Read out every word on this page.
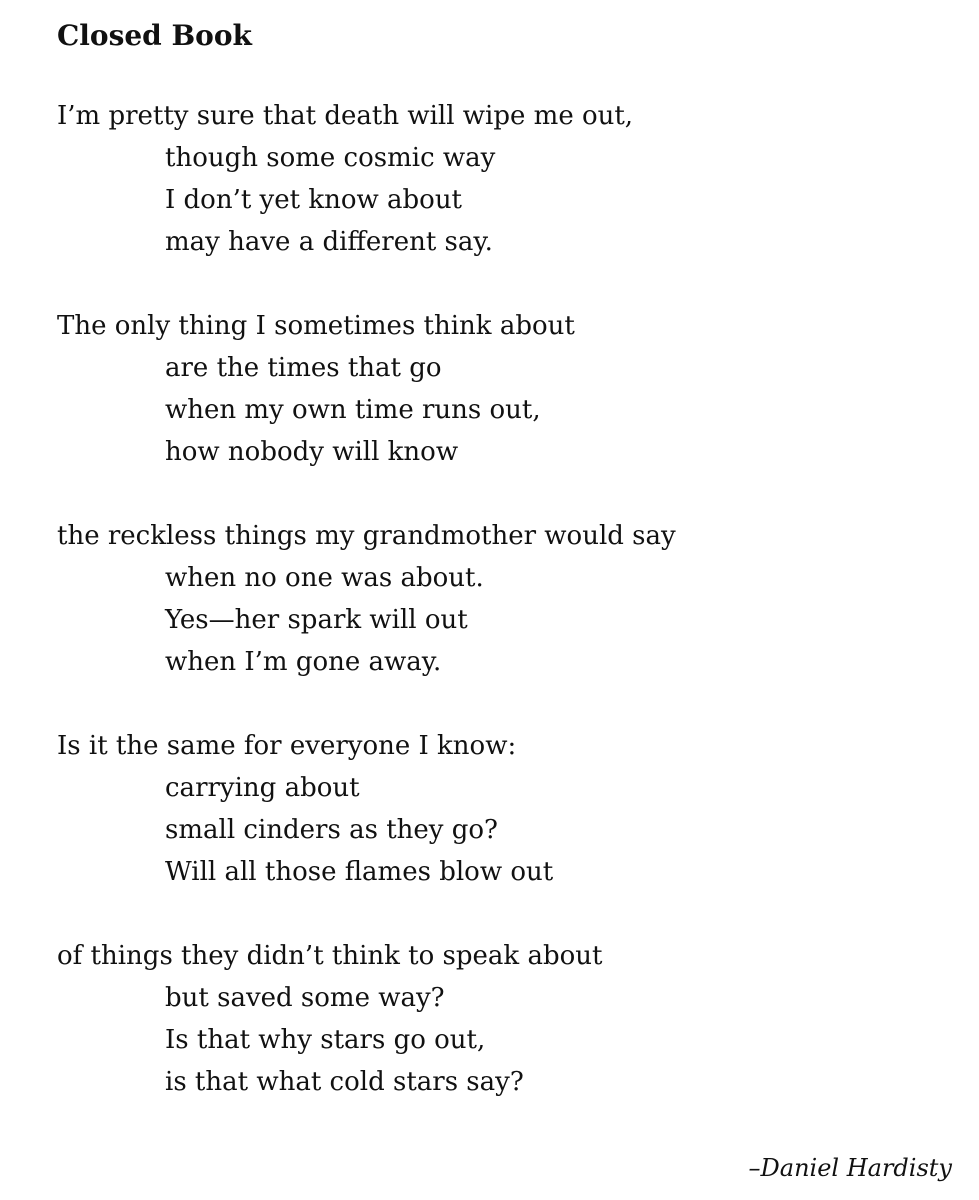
Closed Book
I’m pretty sure that death will wipe me out,
though some cosmic way
I don’t yet know about
may have a different say.
The only thing I sometimes think about
are the times that go
when my own time runs out,
how nobody will know
the reckless things my grandmother would say
when no one was about.
Yes—her spark will out
when I’m gone away.
Is it the same for everyone I know:
carrying about
small cinders as they go?
Will all those flames blow out
of things they didn’t think to speak about
but saved some way?
Is that why stars go out,
is that what cold stars say?
–Daniel Hardisty
